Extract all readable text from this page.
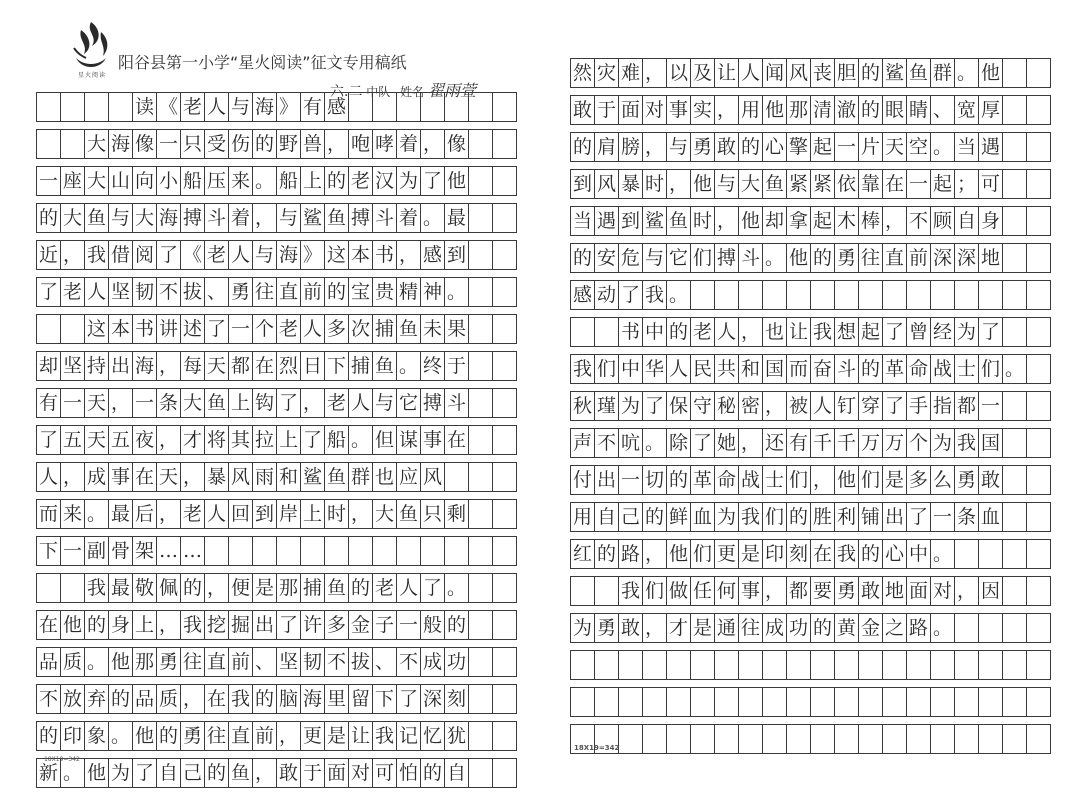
星火阅读
阳谷县第一小学“星火阅读”征文专用稿纸
六.二 中队 姓名 翟雨萱
读 《 老 人 与 海 》 有 感
大 海 像 一 只 受 伤 的 野 兽 ， 咆 哮 着 ， 像
一 座 大 山 向 小 船 压 来 。 船 上 的 老 汉 为 了 他
的 大 鱼 与 大 海 搏 斗 着 ， 与 鲨 鱼 搏 斗 着 。 最
近 ， 我 借 阅 了 《 老 人 与 海 》 这 本 书 ， 感 到
了 老 人 坚 韧 不 拔 、 勇 往 直 前 的 宝 贵 精 神 。
这 本 书 讲 述 了 一 个 老 人 多 次 捕 鱼 未 果
却 坚 持 出 海 ， 每 天 都 在 烈 日 下 捕 鱼 。 终 于
有 一 天 ， 一 条 大 鱼 上 钩 了 ， 老 人 与 它 搏 斗
了 五 天 五 夜 ， 才 将 其 拉 上 了 船 。 但 谋 事 在
人 ， 成 事 在 天 ， 暴 风 雨 和 鲨 鱼 群 也 应 风
而 来 。 最 后 ， 老 人 回 到 岸 上 时 ， 大 鱼 只 剩
下 一 副 骨 架 … …
我 最 敬 佩 的 ， 便 是 那 捕 鱼 的 老 人 了 。
在 他 的 身 上 ， 我 挖 掘 出 了 许 多 金 子 一 般 的
品 质 。 他 那 勇 往 直 前 、 坚 韧 不 拔 、 不 成 功
不 放 弃 的 品 质 ， 在 我 的 脑 海 里 留 下 了 深 刻
的 印 象 。 他 的 勇 往 直 前 ， 更 是 让 我 记 忆 犹
新 。 他 为 了 自 己 的 鱼 ， 敢 于 面 对 可 怕 的 自
18X19=342
然 灾 难 ， 以 及 让 人 闻 风 丧 胆 的 鲨 鱼 群 。 他
敢 于 面 对 事 实 ， 用 他 那 清 澈 的 眼 睛 、 宽 厚
的 肩 膀 ， 与 勇 敢 的 心 擎 起 一 片 天 空 。 当 遇
到 风 暴 时 ， 他 与 大 鱼 紧 紧 依 靠 在 一 起 ； 可
当 遇 到 鲨 鱼 时 ， 他 却 拿 起 木 棒 ， 不 顾 自 身
的 安 危 与 它 们 搏 斗 。 他 的 勇 往 直 前 深 深 地
感 动 了 我 。
书 中 的 老 人 ， 也 让 我 想 起 了 曾 经 为 了
我 们 中 华 人 民 共 和 国 而 奋 斗 的 革 命 战 士 们 。
秋 瑾 为 了 保 守 秘 密 ， 被 人 钉 穿 了 手 指 都 一
声 不 吭 。 除 了 她 ， 还 有 千 千 万 万 个 为 我 国
付 出 一 切 的 革 命 战 士 们 ， 他 们 是 多 么 勇 敢
用 自 己 的 鲜 血 为 我 们 的 胜 利 铺 出 了 一 条 血
红 的 路 ， 他 们 更 是 印 刻 在 我 的 心 中 。
我 们 做 任 何 事 ， 都 要 勇 敢 地 面 对 ， 因
为 勇 敢 ， 才 是 通 往 成 功 的 黄 金 之 路 。
18X19=342
